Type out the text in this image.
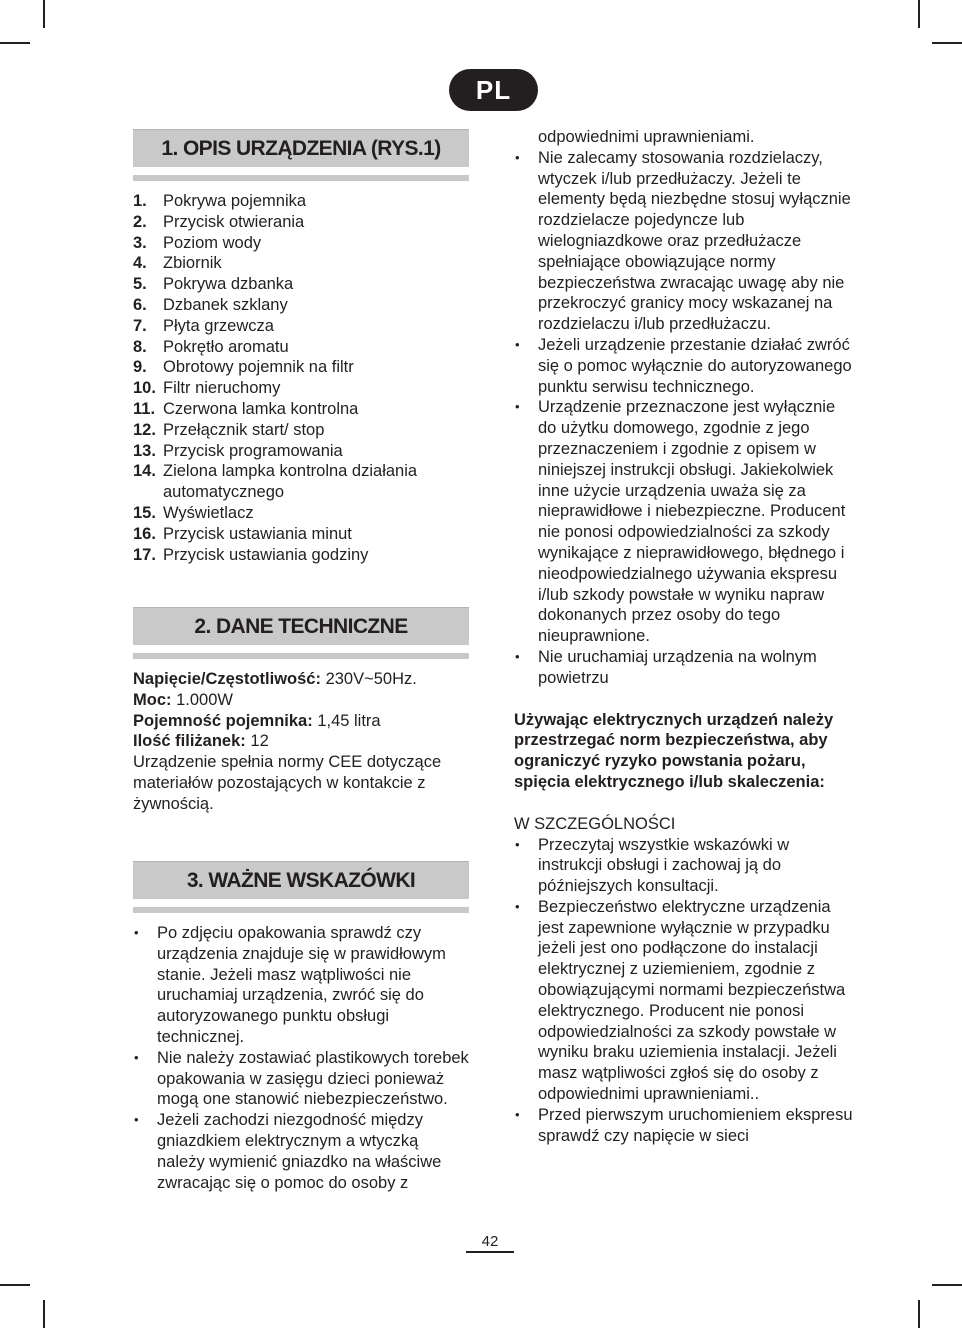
PL
1. OPIS URZĄDZENIA (RYS.1)
1. Pokrywa pojemnika
2. Przycisk otwierania
3. Poziom wody
4. Zbiornik
5. Pokrywa dzbanka
6. Dzbanek szklany
7. Płyta grzewcza
8. Pokrętło aromatu
9. Obrotowy pojemnik na filtr
10. Filtr nieruchomy
11. Czerwona lamka kontrolna
12. Przełącznik start/ stop
13. Przycisk programowania
14. Zielona lampka kontrolna działania automatycznego
15. Wyświetlacz
16. Przycisk ustawiania minut
17. Przycisk ustawiania godziny
2. DANE TECHNICZNE
Napięcie/Częstotliwość: 230V~50Hz.
Moc: 1.000W
Pojemność pojemnika: 1,45 litra
Ilość filiżanek: 12
Urządzenie spełnia normy CEE dotyczące materiałów pozostających w kontakcie z żywnością.
3. WAŻNE WSKAZÓWKI
• Po zdjęciu opakowania sprawdź czy urządzenia znajduje się w prawidłowym stanie. Jeżeli masz wątpliwości nie uruchamiaj urządzenia, zwróć się do autoryzowanego punktu obsługi technicznej.
• Nie należy zostawiać plastikowych torebek opakowania w zasięgu dzieci ponieważ mogą one stanowić niebezpieczeństwo.
• Jeżeli zachodzi niezgodność między gniazdkiem elektrycznym a wtyczką należy wymienić gniazdko na właściwe zwracając się o pomoc do osoby z
odpowiednimi uprawnieniami.
• Nie zalecamy stosowania rozdzielaczy, wtyczek i/lub przedłużaczy. Jeżeli te elementy będą niezbędne stosuj wyłącznie rozdzielacze pojedyncze lub wielogniazdkowe oraz przedłużacze spełniające obowiązujące normy bezpieczeństwa zwracając uwagę aby nie przekroczyć granicy mocy wskazanej na rozdzielaczu i/lub przedłużaczu.
• Jeżeli urządzenie przestanie działać zwróć się o pomoc wyłącznie do autoryzowanego punktu serwisu technicznego.
• Urządzenie przeznaczone jest wyłącznie do użytku domowego, zgodnie z jego przeznaczeniem i zgodnie z opisem w niniejszej instrukcji obsługi. Jakiekolwiek inne użycie urządzenia uważa się za nieprawidłowe i niebezpieczne. Producent nie ponosi odpowiedzialności za szkody wynikające z nieprawidłowego, błędnego i nieodpowiedzialnego używania ekspresu i/lub szkody powstałe w wyniku napraw dokonanych przez osoby do tego nieuprawnione.
• Nie uruchamiaj urządzenia na wolnym powietrzu
Używając elektrycznych urządzeń należy przestrzegać norm bezpieczeństwa, aby ograniczyć ryzyko powstania pożaru, spięcia elektrycznego i/lub skaleczenia:
W SZCZEGÓLNOŚCI
• Przeczytaj wszystkie wskazówki w instrukcji obsługi i zachowaj ją do późniejszych konsultacji.
• Bezpieczeństwo elektryczne urządzenia jest zapewnione wyłącznie w przypadku jeżeli jest ono podłączone do instalacji elektrycznej z uziemieniem, zgodnie z obowiązującymi normami bezpieczeństwa elektrycznego. Producent nie ponosi odpowiedzialności za szkody powstałe w wyniku braku uziemienia instalacji. Jeżeli masz wątpliwości zgłoś się do osoby z odpowiednimi uprawnieniami..
• Przed pierwszym uruchomieniem ekspresu sprawdź czy napięcie w sieci
42
